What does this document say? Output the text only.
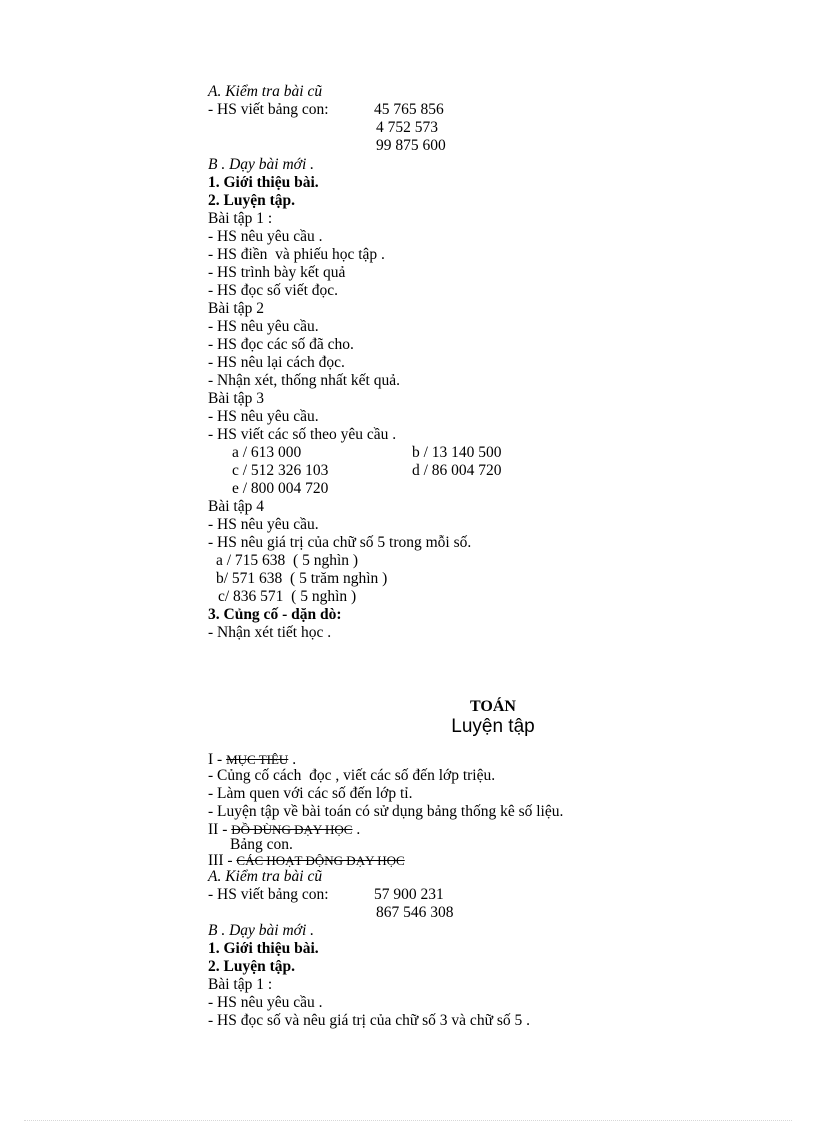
A. Kiểm tra bài cũ
- HS viết bảng con:	45 765 856
4 752 573
99 875 600
B . Dạy bài mới .
1. Giới thiệu bài.
2. Luyện tập.
Bài tập 1 :
- HS nêu yêu cầu .
- HS điền  và phiếu học tập .
- HS trình bày kết quả
- HS đọc số viết đọc.
Bài tập 2
- HS nêu yêu cầu.
- HS đọc các số đã cho.
- HS nêu lại cách đọc.
- Nhận xét, thống nhất kết quả.
Bài tập 3
- HS nêu yêu cầu.
- HS viết các số theo yêu cầu .
a / 613 000	b / 13 140 500
c / 512 326 103	d / 86 004 720
e / 800 004 720
Bài tập 4
- HS nêu yêu cầu.
- HS nêu giá trị của chữ số 5 trong mỗi số.
a / 715 638  ( 5 nghìn )
b/ 571 638  ( 5 trăm nghìn )
c/ 836 571  ( 5 nghìn )
3. Củng cố - dặn dò:
- Nhận xét tiết học .
TOÁN
Luyện tập
I - MỤC TIÊU .
- Củng cố cách  đọc , viết các số đến lớp triệu.
- Làm quen với các số đến lớp tỉ.
- Luyện tập về bài toán có sử dụng bảng thống kê số liệu.
II - ĐỒ DÙNG DẠY HỌC .
Bảng con.
III - CÁC HOẠT ĐỘNG DẠY HỌC
A. Kiểm tra bài cũ
- HS viết bảng con:	57 900 231
867 546 308
B . Dạy bài mới .
1. Giới thiệu bài.
2. Luyện tập.
Bài tập 1 :
- HS nêu yêu cầu .
- HS đọc số và nêu giá trị của chữ số 3 và chữ số 5 .
